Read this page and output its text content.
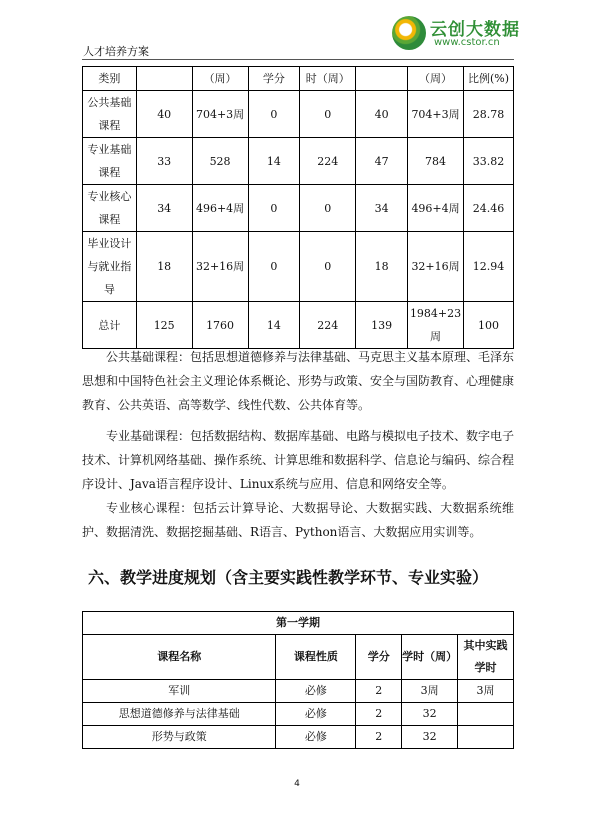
人才培养方案
云创大数据
www.cstor.cn
类别		（周）	学分	时（周）		（周）	比例(%)
公共基础课程	40	704+3周	0	0	40	704+3周	28.78
专业基础课程	33	528	14	224	47	784	33.82
专业核心课程	34	496+4周	0	0	34	496+4周	24.46
毕业设计与就业指导	18	32+16周	0	0	18	32+16周	12.94
总计	125	1760	14	224	139	1984+23周	100

公共基础课程：包括思想道德修养与法律基础、马克思主义基本原理、毛泽东思想和中国特色社会主义理论体系概论、形势与政策、安全与国防教育、心理健康教育、公共英语、高等数学、线性代数、公共体育等。

专业基础课程：包括数据结构、数据库基础、电路与模拟电子技术、数字电子技术、计算机网络基础、操作系统、计算思维和数据科学、信息论与编码、综合程序设计、Java语言程序设计、Linux系统与应用、信息和网络安全等。

专业核心课程：包括云计算导论、大数据导论、大数据实践、大数据系统维护、数据清洗、数据挖掘基础、R语言、Python语言、大数据应用实训等。

六、教学进度规划（含主要实践性教学环节、专业实验）
第一学期				
课程名称	课程性质	学分	学时（周）	其中实践学时
军训	必修	2	3周	3周
思想道德修养与法律基础	必修	2	32	
形势与政策	必修	2	32	
4
